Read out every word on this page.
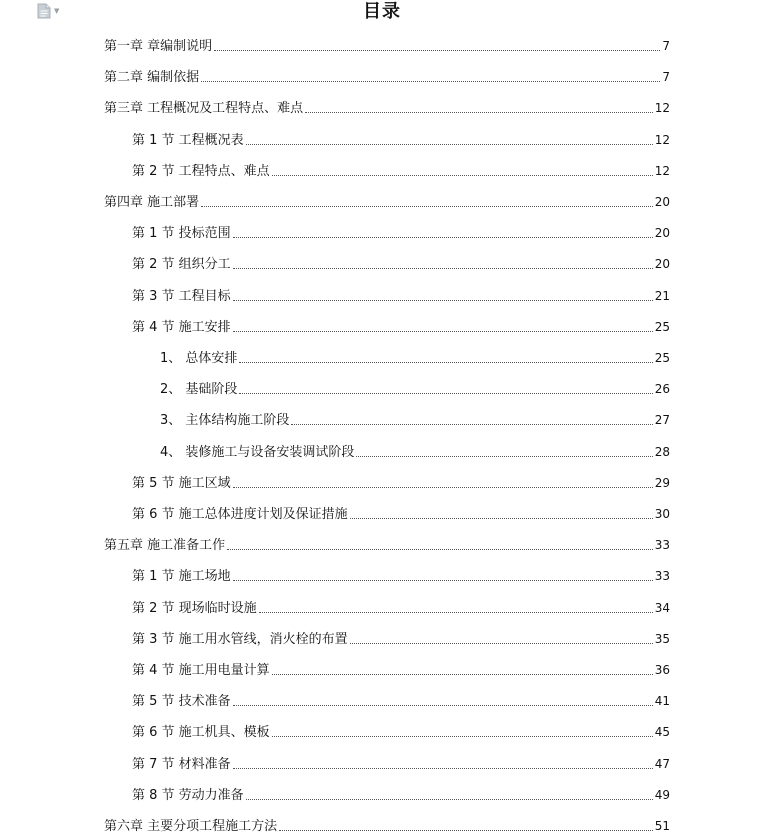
▼	目录
第一章 章编制说明	7
第二章 编制依据	7
第三章 工程概况及工程特点、难点	12
第 1 节 工程概况表	12
第 2 节 工程特点、难点	12
第四章 施工部署	20
第 1 节 投标范围	20
第 2 节 组织分工	20
第 3 节 工程目标	21
第 4 节 施工安排	25
1、 总体安排	25
2、 基础阶段	26
3、 主体结构施工阶段	27
4、 装修施工与设备安装调试阶段	28
第 5 节 施工区域	29
第 6 节 施工总体进度计划及保证措施	30
第五章 施工准备工作	33
第 1 节 施工场地	33
第 2 节 现场临时设施	34
第 3 节 施工用水管线，消火栓的布置	35
第 4 节 施工用电量计算	36
第 5 节 技术准备	41
第 6 节 施工机具、模板	45
第 7 节 材料准备	47
第 8 节 劳动力准备	49
第六章 主要分项工程施工方法	51
